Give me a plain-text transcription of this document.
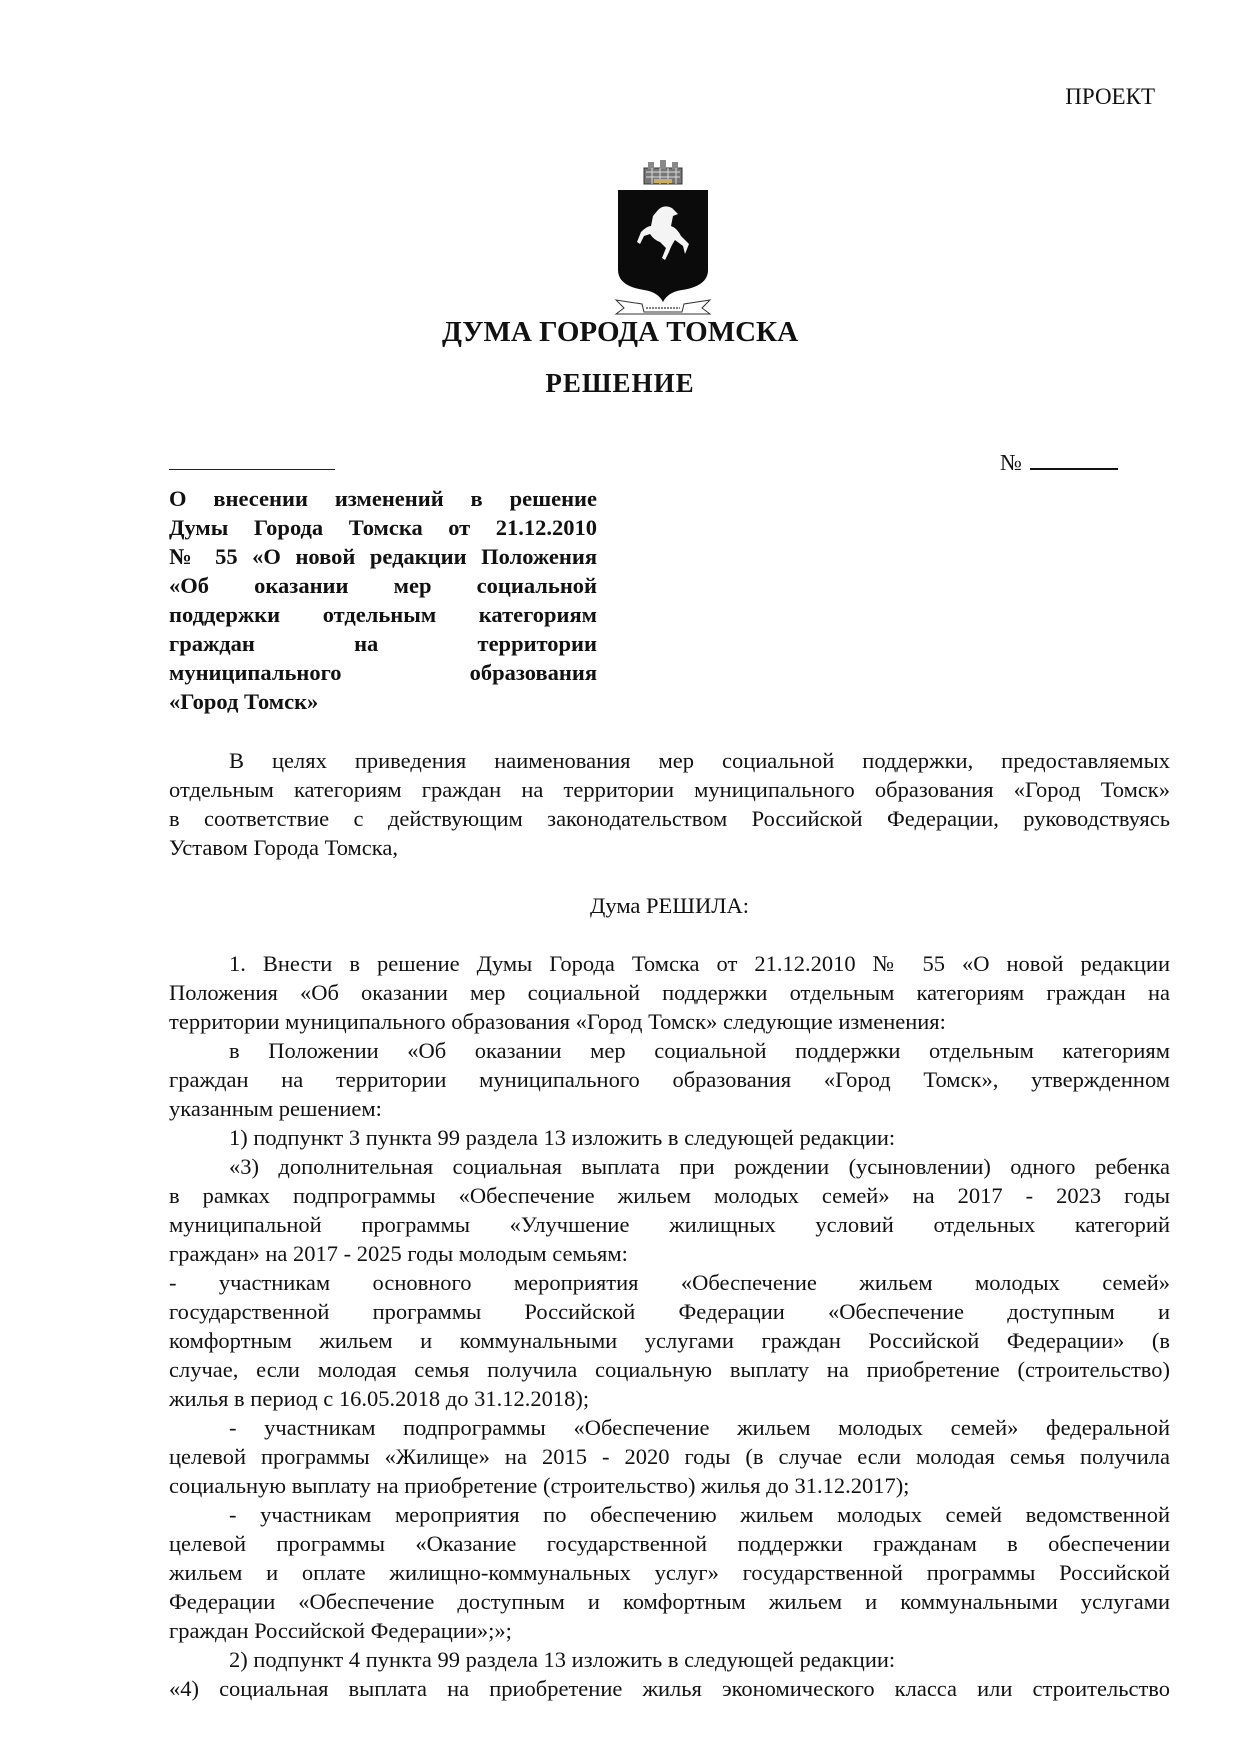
ПРОЕКТ
ДУМА ГОРОДА ТОМСКА
РЕШЕНИЕ
№
О внесении изменений в решение
Думы Города Томска от 21.12.2010
№ 55 «О новой редакции Положения
«Об оказании мер социальной
поддержки отдельным категориям
граждан на территории
муниципального образования
«Город Томск»
В целях приведения наименования мер социальной поддержки, предоставляемых
отдельным категориям граждан на территории муниципального образования «Город Томск»
в соответствие с действующим законодательством Российской Федерации, руководствуясь
Уставом Города Томска,
Дума РЕШИЛА:
1. Внести в решение Думы Города Томска от 21.12.2010 № 55 «О новой редакции
Положения «Об оказании мер социальной поддержки отдельным категориям граждан на
территории муниципального образования «Город Томск» следующие изменения:
в Положении «Об оказании мер социальной поддержки отдельным категориям
граждан на территории муниципального образования «Город Томск», утвержденном
указанным решением:
1) подпункт 3 пункта 99 раздела 13 изложить в следующей редакции:
«3) дополнительная социальная выплата при рождении (усыновлении) одного ребенка
в рамках подпрограммы «Обеспечение жильем молодых семей» на 2017 - 2023 годы
муниципальной программы «Улучшение жилищных условий отдельных категорий
граждан» на 2017 - 2025 годы молодым семьям:
- участникам основного мероприятия «Обеспечение жильем молодых семей»
государственной программы Российской Федерации «Обеспечение доступным и
комфортным жильем и коммунальными услугами граждан Российской Федерации» (в
случае, если молодая семья получила социальную выплату на приобретение (строительство)
жилья в период с 16.05.2018 до 31.12.2018);
- участникам подпрограммы «Обеспечение жильем молодых семей» федеральной
целевой программы «Жилище» на 2015 - 2020 годы (в случае если молодая семья получила
социальную выплату на приобретение (строительство) жилья до 31.12.2017);
- участникам мероприятия по обеспечению жильем молодых семей ведомственной
целевой программы «Оказание государственной поддержки гражданам в обеспечении
жильем и оплате жилищно-коммунальных услуг» государственной программы Российской
Федерации «Обеспечение доступным и комфортным жильем и коммунальными услугами
граждан Российской Федерации»;»;
2) подпункт 4 пункта 99 раздела 13 изложить в следующей редакции:
«4) социальная выплата на приобретение жилья экономического класса или строительство
